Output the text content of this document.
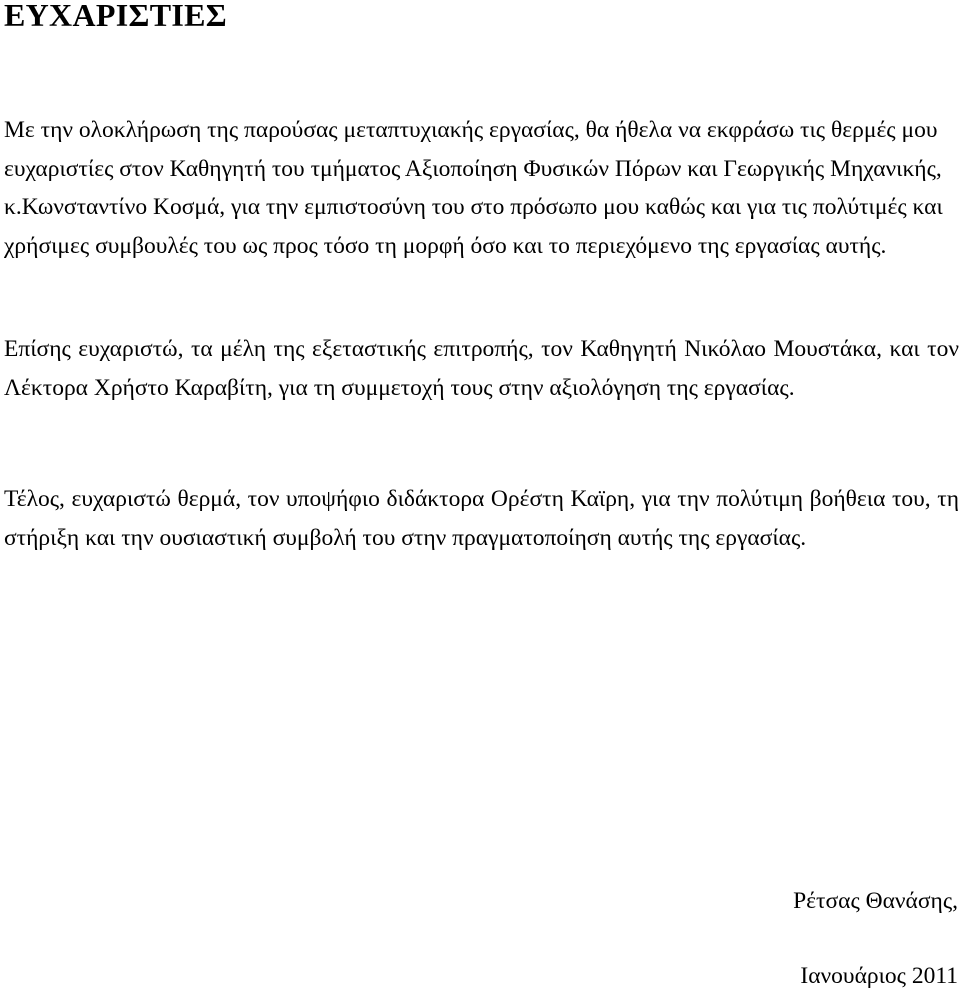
ΕΥΧΑΡΙΣΤΙΕΣ

Με την ολοκλήρωση της παρούσας μεταπτυχιακής εργασίας, θα ήθελα να εκφράσω τις θερμές μου ευχαριστίες στον Καθηγητή του τμήματος Αξιοποίηση Φυσικών Πόρων και Γεωργικής Μηχανικής, κ.Κωνσταντίνο Κοσμά, για την εμπιστοσύνη του στο πρόσωπο μου καθώς και για τις πολύτιμές και χρήσιμες συμβουλές του ως προς τόσο τη μορφή όσο και το περιεχόμενο της εργασίας αυτής.

Επίσης ευχαριστώ, τα μέλη της εξεταστικής επιτροπής, τον Καθηγητή Νικόλαο Μουστάκα, και τον Λέκτορα Χρήστο Καραβίτη, για τη συμμετοχή τους στην αξιολόγηση της εργασίας.

Τέλος, ευχαριστώ θερμά, τον υποψήφιο διδάκτορα Ορέστη Καϊρη, για την πολύτιμη βοήθεια του, τη στήριξη και την ουσιαστική συμβολή του στην πραγματοποίηση αυτής της εργασίας.

Ρέτσας Θανάσης,

Ιανουάριος 2011
